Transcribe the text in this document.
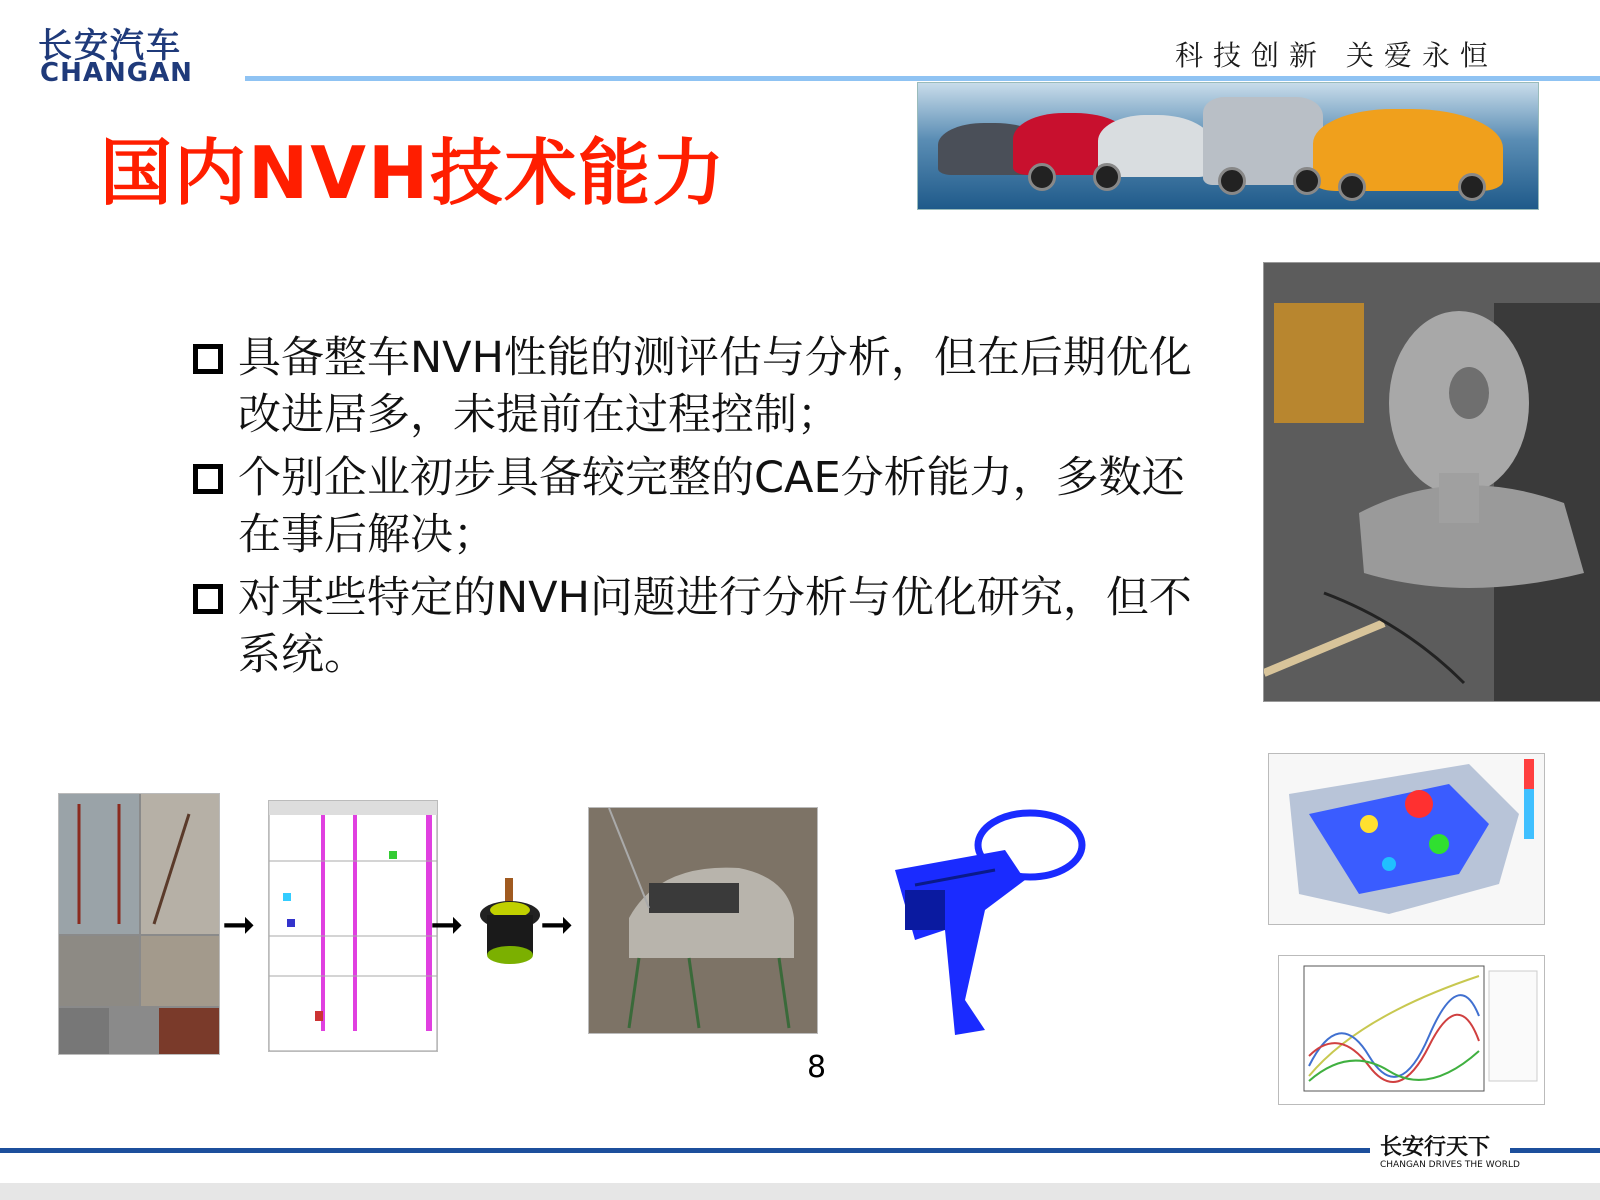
长安汽车
CHANGAN
科技创新 关爱永恒
国内NVH技术能力
具备整车NVH性能的测评估与分析，但在后期优化改进居多，未提前在过程控制；
个别企业初步具备较完整的CAE分析能力，多数还在事后解决；
对某些特定的NVH问题进行分析与优化研究，但不系统。
➞	➞ ➞
8
长安行天下
CHANGAN DRIVES THE WORLD
